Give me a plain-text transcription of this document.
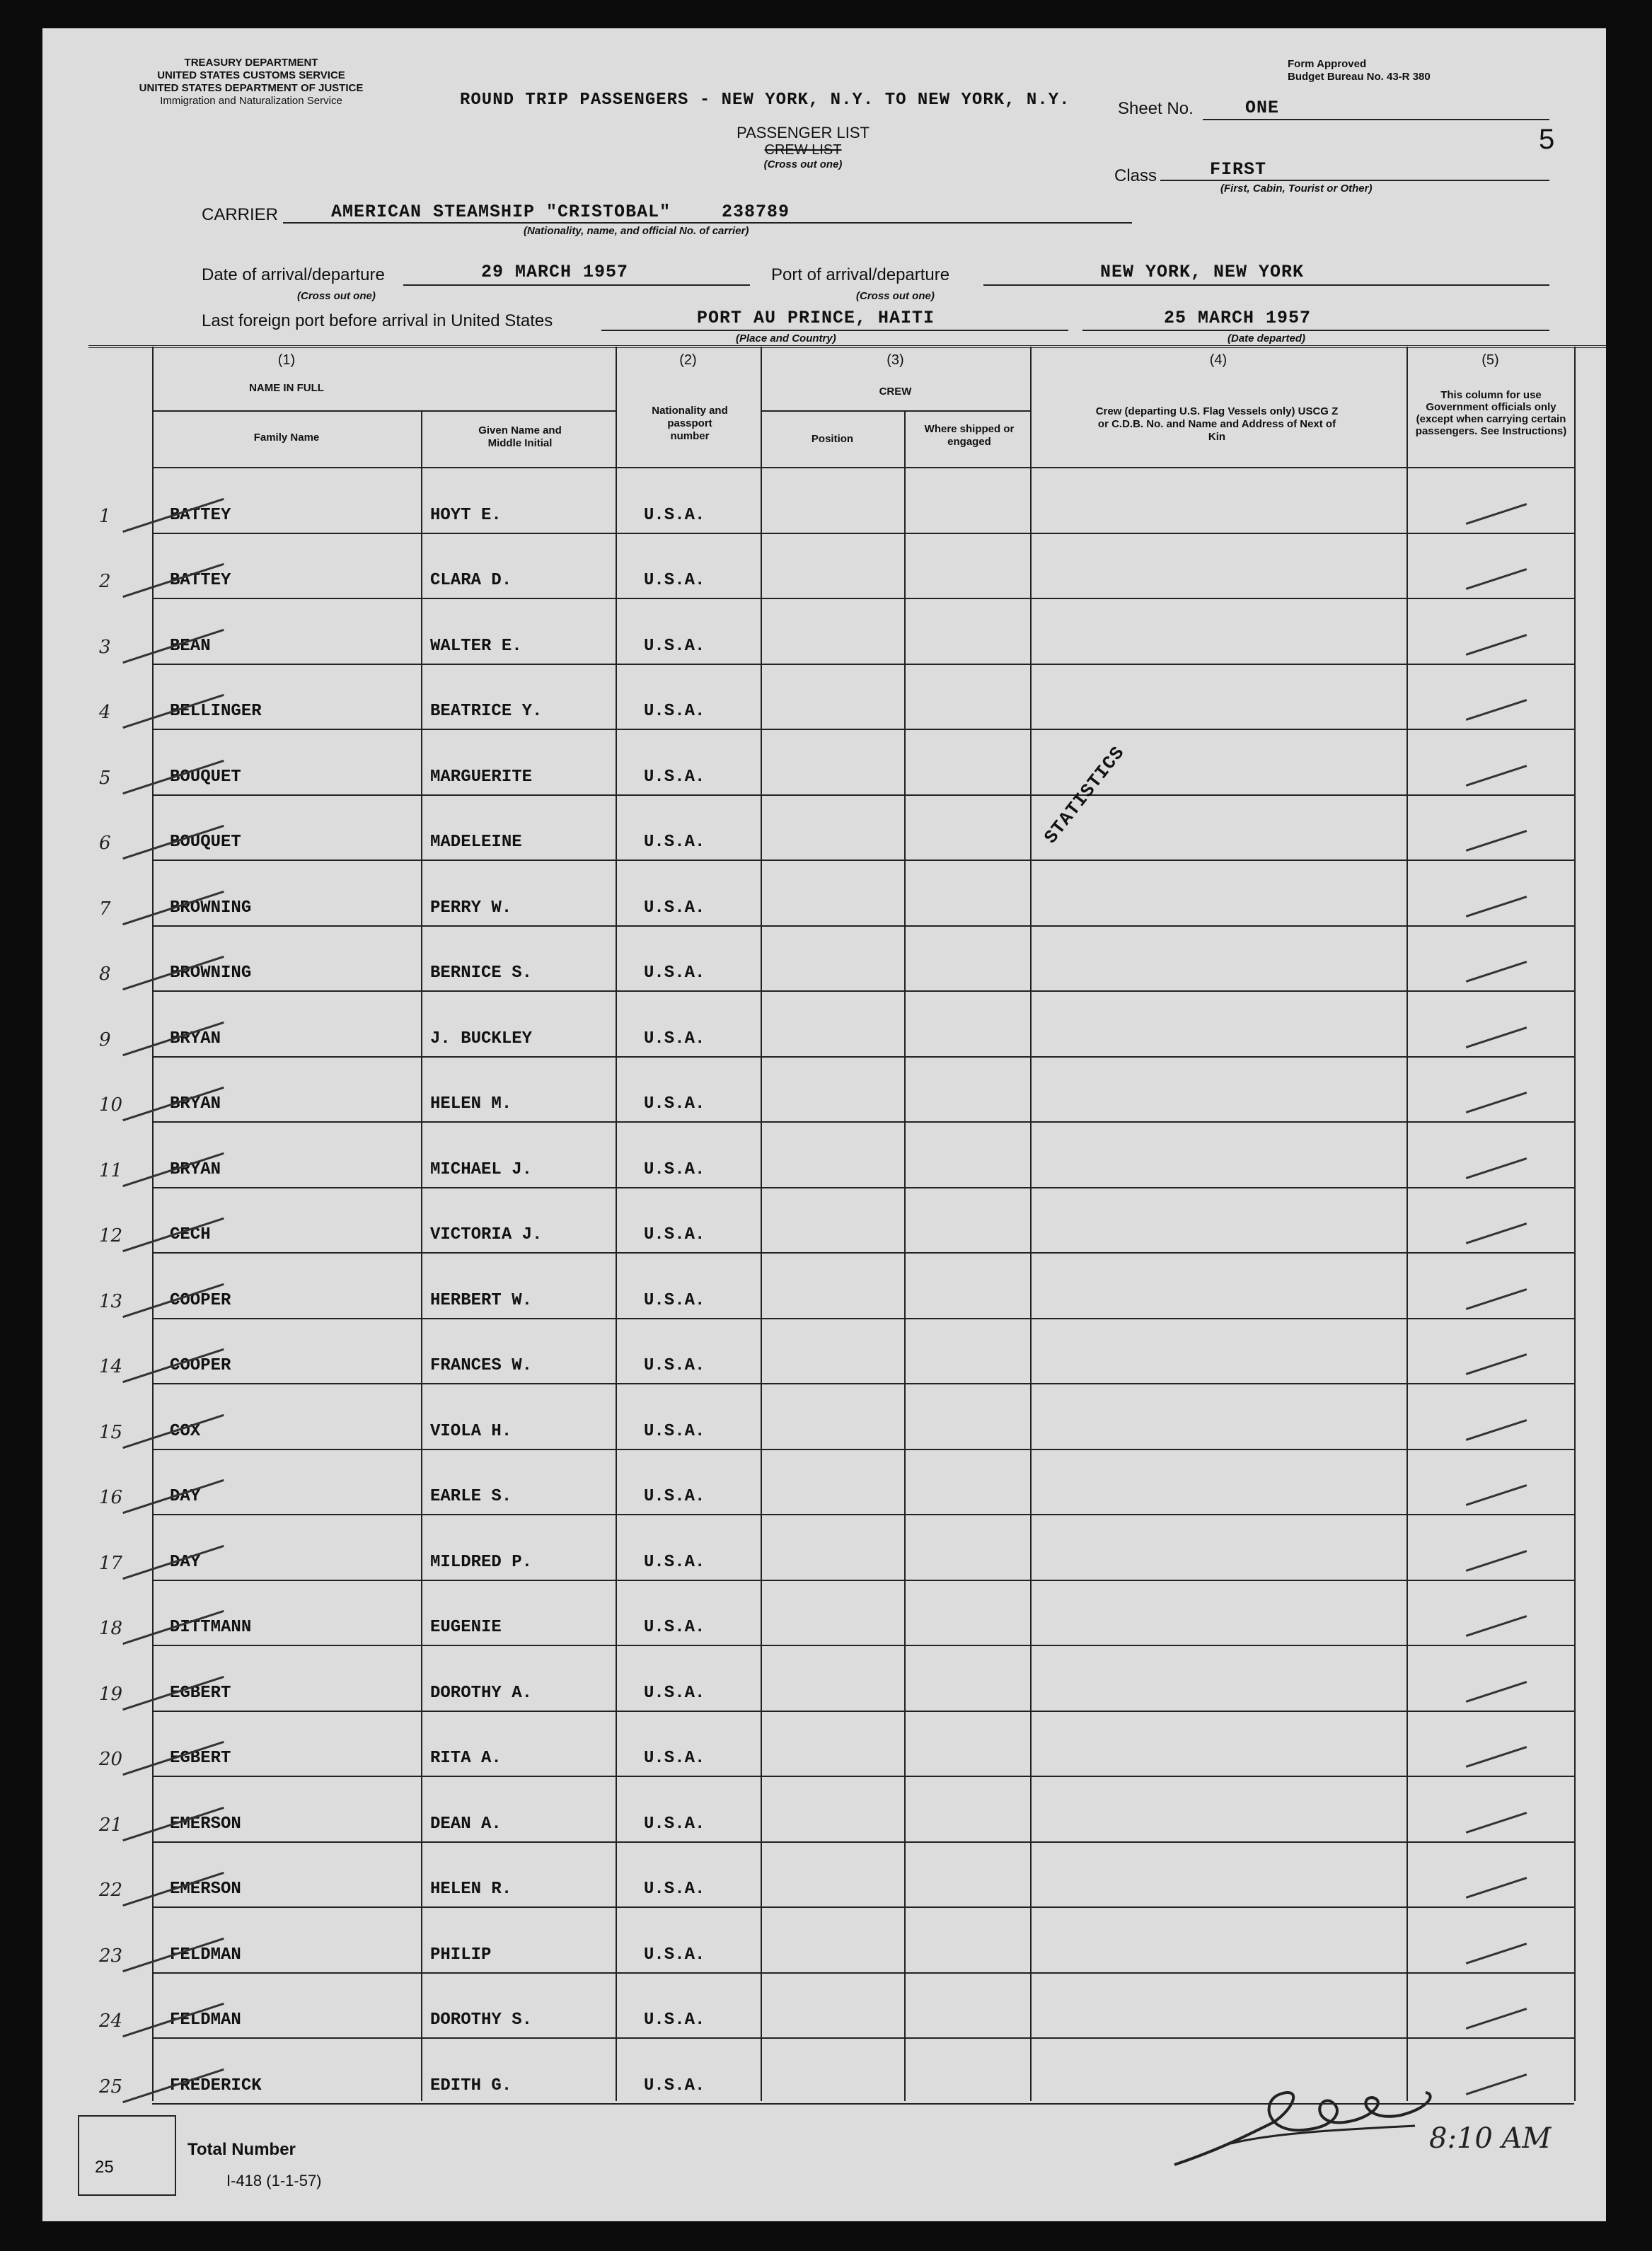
TREASURY DEPARTMENT
UNITED STATES CUSTOMS SERVICE
UNITED STATES DEPARTMENT OF JUSTICE
Immigration and Naturalization Service
Form Approved
Budget Bureau No. 43-R 380
ROUND TRIP PASSENGERS - NEW YORK, N.Y. TO NEW YORK, N.Y.
PASSENGER LIST
CREW LIST
(Cross out one)
Sheet No.	ONE
5
Class	FIRST
(First, Cabin, Tourist or Other)
CARRIER	AMERICAN STEAMSHIP "CRISTOBAL"	238789
(Nationality, name, and official No. of carrier)
Date of arrival/departure
(Cross out one)
29 MARCH 1957	Port of arrival/departure
(Cross out one)
NEW YORK, NEW YORK
Last foreign port before arrival in United States	PORT AU PRINCE, HAITI
(Place and Country)
25 MARCH 1957
(Date departed)
(1)
NAME IN FULL
Family Name
Given Name and Middle Initial
(2)
Nationality and passport number
(3)
CREW
Position
Where shipped or engaged
(4)
Crew (departing U.S. Flag Vessels only) USCG Z or C.D.B. No. and Name and Address of Next of Kin
(5)
This column for use Government officials only (except when carrying certain passengers. See Instructions)
1	BATTEY	HOYT E.	U.S.A.
2	BATTEY	CLARA D.	U.S.A.
3	BEAN	WALTER E.	U.S.A.
4	BELLINGER	BEATRICE Y.	U.S.A.
5	BOUQUET	MARGUERITE	U.S.A.
6	BOUQUET	MADELEINE	U.S.A.
7	BROWNING	PERRY W.	U.S.A.
8	BROWNING	BERNICE S.	U.S.A.
9	BRYAN	J. BUCKLEY	U.S.A.
10	BRYAN	HELEN M.	U.S.A.
11	BRYAN	MICHAEL J.	U.S.A.
12	CECH	VICTORIA J.	U.S.A.
13	COOPER	HERBERT W.	U.S.A.
14	COOPER	FRANCES W.	U.S.A.
15	COX	VIOLA H.	U.S.A.
16	DAY	EARLE S.	U.S.A.
17	DAY	MILDRED P.	U.S.A.
18	DITTMANN	EUGENIE	U.S.A.
19	EGBERT	DOROTHY A.	U.S.A.
20	EGBERT	RITA A.	U.S.A.
21	EMERSON	DEAN A.	U.S.A.
22	EMERSON	HELEN R.	U.S.A.
23	FELDMAN	PHILIP	U.S.A.
24	FELDMAN	DOROTHY S.	U.S.A.
25	FREDERICK	EDITH G.	U.S.A.
STATISTICS
25
Total Number
I-418 (1-1-57)
8:10 AM
